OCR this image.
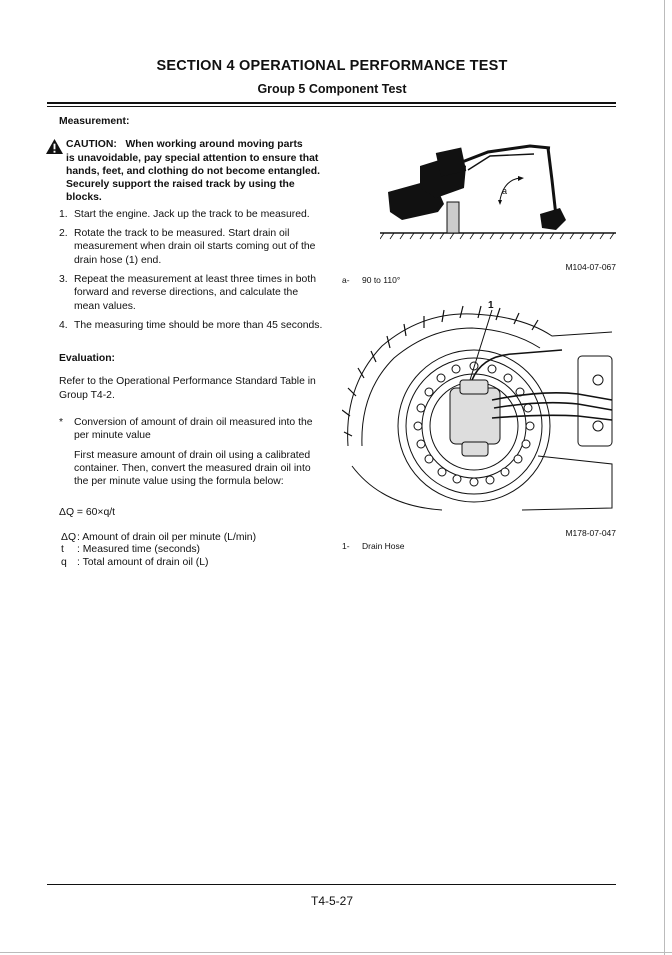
SECTION 4 OPERATIONAL PERFORMANCE TEST
Group 5 Component Test
Measurement:
CAUTION: When working around moving parts
is unavoidable, pay special attention to ensure that hands, feet, and clothing do not become entangled. Securely support the raised track by using the blocks.
1. Start the engine. Jack up the track to be measured.
2. Rotate the track to be measured. Start drain oil measurement when drain oil starts coming out of the drain hose (1) end.
3. Repeat the measurement at least three times in both forward and reverse directions, and calculate the mean values.
4. The measuring time should be more than 45 seconds.
Evaluation:
Refer to the Operational Performance Standard Table in Group T4-2.
* Conversion of amount of drain oil measured into the per minute value
First measure amount of drain oil using a calibrated container. Then, convert the measured drain oil into the per minute value using the formula below:
ΔQ = 60×q/t
ΔQ : Amount of drain oil per minute (L/min)
t	: Measured time (seconds)
q : Total amount of drain oil (L)
a
M104-07-067
a- 90 to 110°
1
M178-07-047
1- Drain Hose
T4-5-27
